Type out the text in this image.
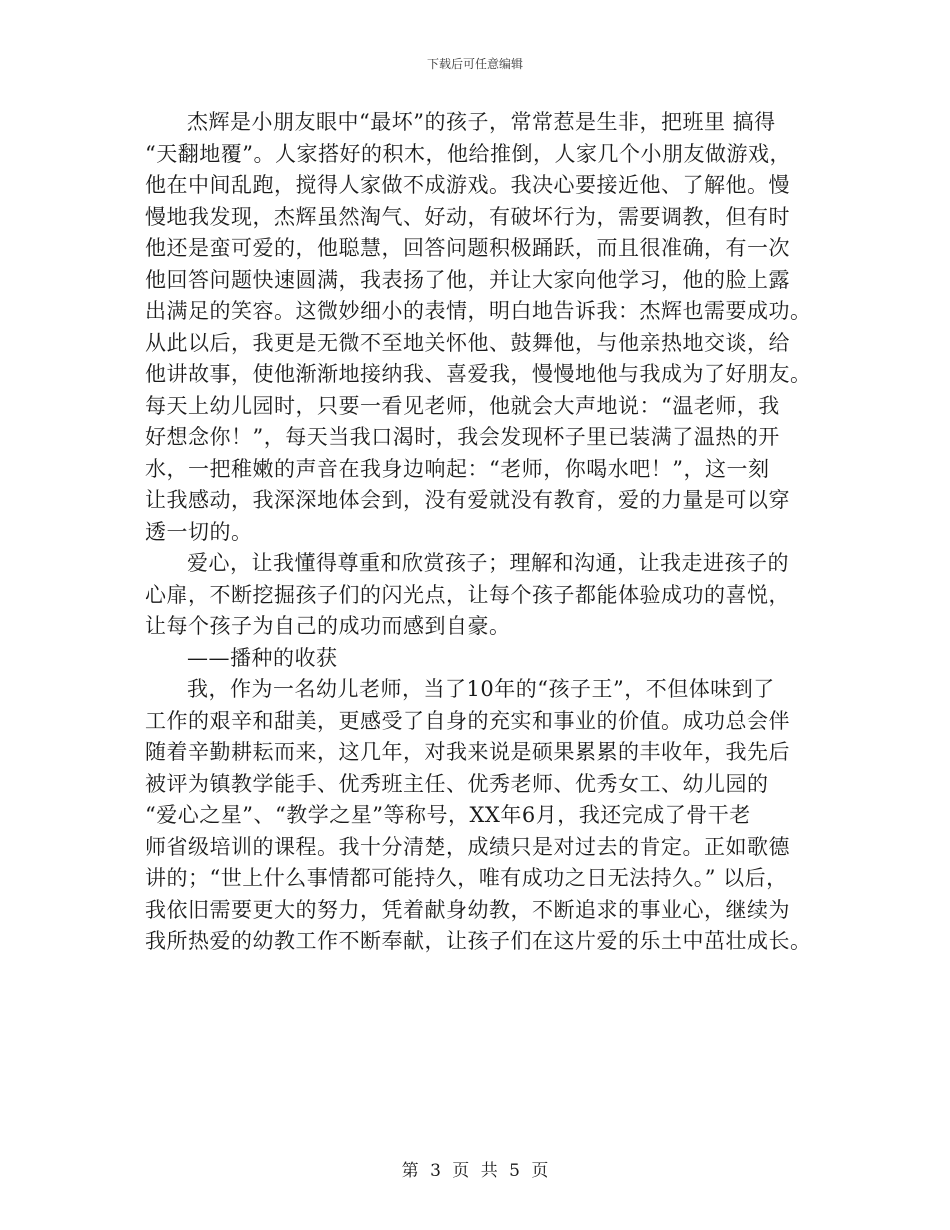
下载后可任意编辑
杰辉是小朋友眼中“最坏”的孩子，常常惹是生非，把班里 搞得
“天翻地覆”。人家搭好的积木，他给推倒，人家几个小朋友做游戏，
他在中间乱跑，搅得人家做不成游戏。我决心要接近他、了解他。慢
慢地我发现，杰辉虽然淘气、好动，有破坏行为，需要调教，但有时
他还是蛮可爱的，他聪慧，回答问题积极踊跃，而且很准确，有一次
他回答问题快速圆满，我表扬了他，并让大家向他学习，他的脸上露
出满足的笑容。这微妙细小的表情，明白地告诉我：杰辉也需要成功。
从此以后，我更是无微不至地关怀他、鼓舞他，与他亲热地交谈，给
他讲故事，使他渐渐地接纳我、喜爱我，慢慢地他与我成为了好朋友。
每天上幼儿园时，只要一看见老师，他就会大声地说：“温老师，我
好想念你！”，每天当我口渴时，我会发现杯子里已装满了温热的开
水，一把稚嫩的声音在我身边响起：“老师，你喝水吧！”，这一刻
让我感动，我深深地体会到，没有爱就没有教育，爱的力量是可以穿
透一切的。
爱心，让我懂得尊重和欣赏孩子；理解和沟通，让我走进孩子的
心扉，不断挖掘孩子们的闪光点，让每个孩子都能体验成功的喜悦，
让每个孩子为自己的成功而感到自豪。
——播种的收获
我，作为一名幼儿老师，当了10年的“孩子王”，不但体味到了
工作的艰辛和甜美，更感受了自身的充实和事业的价值。成功总会伴
随着辛勤耕耘而来，这几年，对我来说是硕果累累的丰收年，我先后
被评为镇教学能手、优秀班主任、优秀老师、优秀女工、幼儿园的
“爱心之星”、“教学之星”等称号，XX年6月，我还完成了骨干老
师省级培训的课程。我十分清楚，成绩只是对过去的肯定。正如歌德
讲的；“世上什么事情都可能持久，唯有成功之日无法持久。” 以后，
我依旧需要更大的努力，凭着献身幼教，不断追求的事业心，继续为
我所热爱的幼教工作不断奉献，让孩子们在这片爱的乐土中茁壮成长。
第 3 页 共 5 页
